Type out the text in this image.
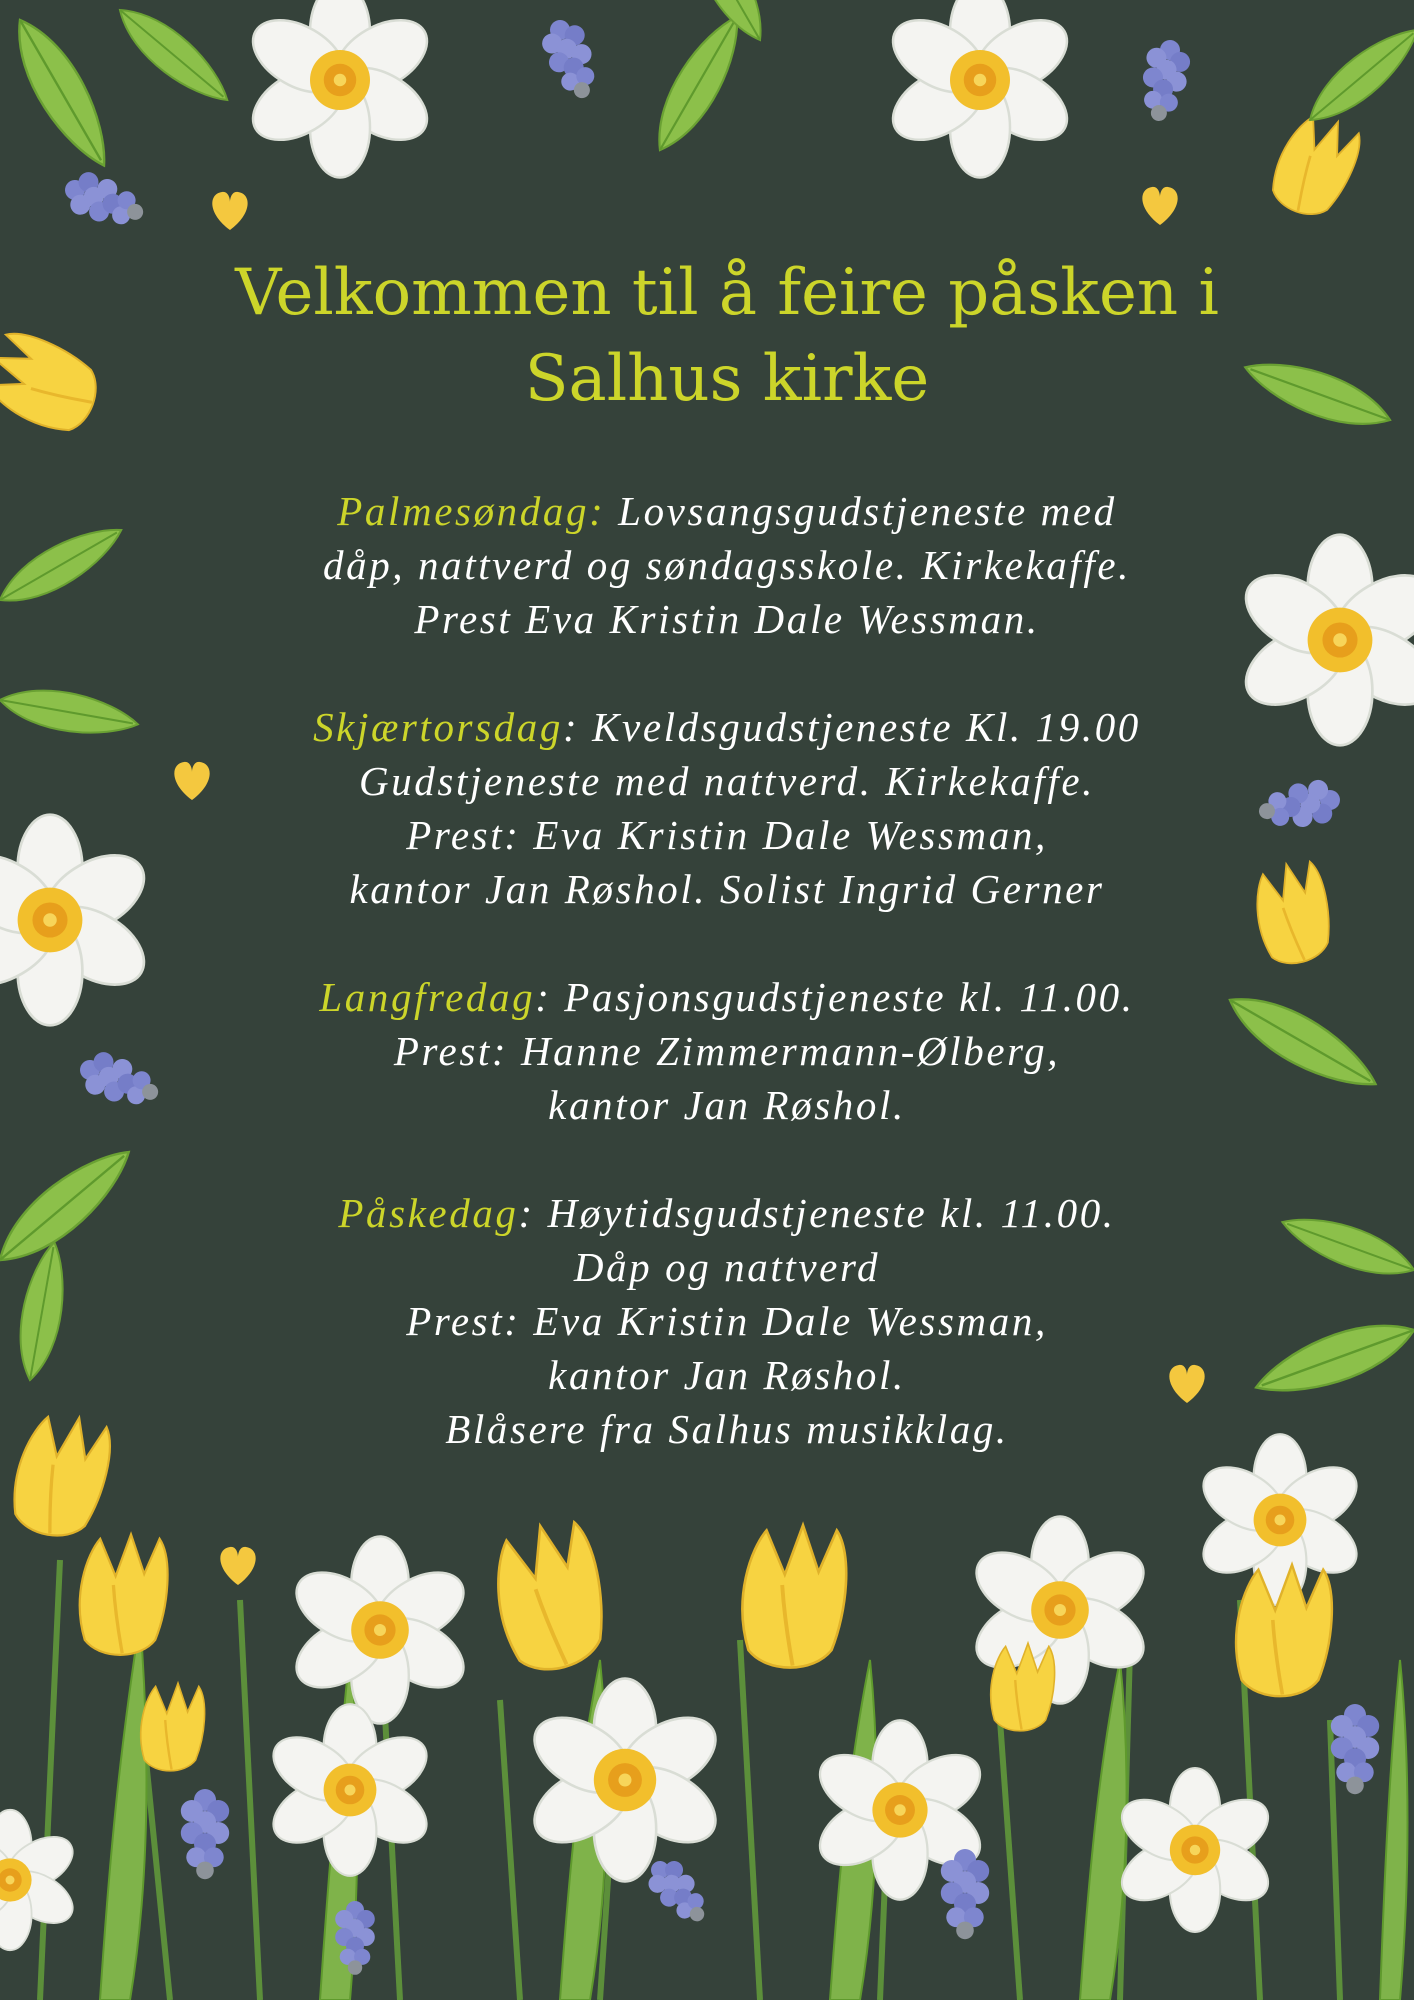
Velkommen til å feire påsken i
Salhus kirke
Palmesøndag: Lovsangsgudstjeneste med
dåp, nattverd og søndagsskole. Kirkekaffe.
Prest Eva Kristin Dale Wessman.
Skjærtorsdag: Kveldsgudstjeneste Kl. 19.00
Gudstjeneste med nattverd. Kirkekaffe.
Prest: Eva Kristin Dale Wessman,
kantor Jan Røshol. Solist Ingrid Gerner
Langfredag: Pasjonsgudstjeneste kl. 11.00.
Prest: Hanne Zimmermann-Ølberg,
kantor Jan Røshol.
Påskedag: Høytidsgudstjeneste kl. 11.00.
Dåp og nattverd
Prest: Eva Kristin Dale Wessman,
kantor Jan Røshol.
Blåsere fra Salhus musikklag.
